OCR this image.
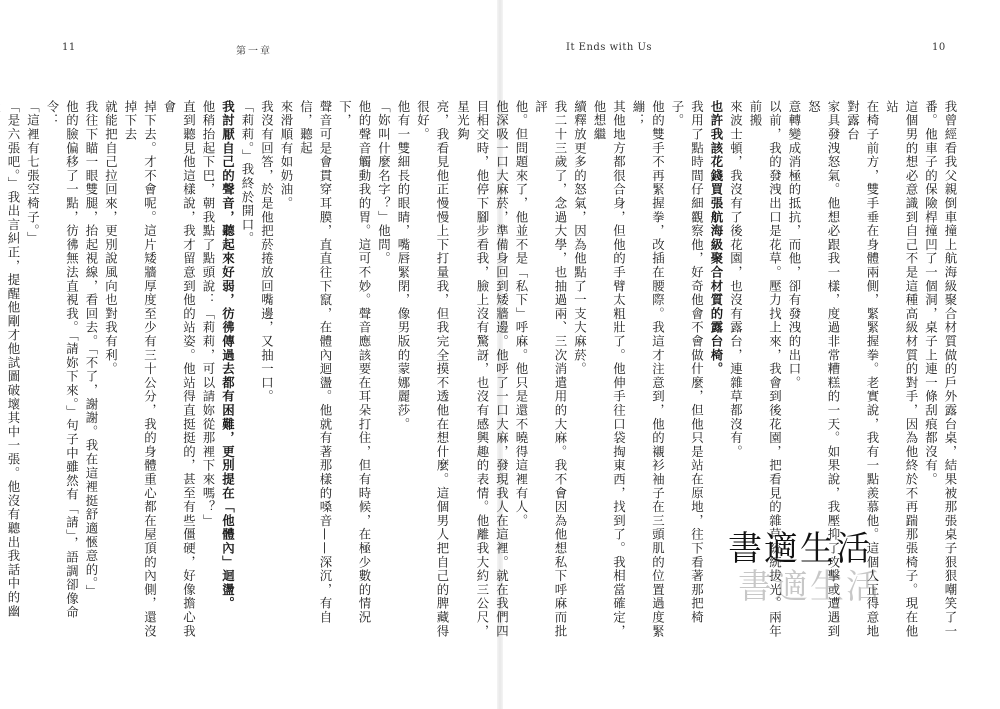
11	第一章

亮，我看見他正慢慢上下打量我，但我完全摸不透他在想什麼。這個男人把自己的脾藏得很好。

他有一雙細長的眼睛，嘴唇緊閉，像男版的蒙娜麗莎。

「妳叫什麼名字？」他問。

他的聲音觸動我的胃。這可不妙。聲音應該要在耳朵打住，但有時候，在極少數的情況下，

聲音可是會貫穿耳膜，直直往下竄，在體內迴盪。他就有著那樣的嗓音——深沉，有自信，聽起

來滑順有如奶油。

我沒有回答，於是他把菸捲放回嘴邊，又抽一口。

「莉莉。」我終於開口。

我討厭自己的聲音，聽起來好弱，彷彿傳過去都有困難，更別提在「他體內」迴盪。

他稍抬起下巴，朝我點了點頭說：「莉莉，可以請妳從那裡下來嗎？」

直到聽見他這樣說，我才留意到他的站姿。他站得直挺挺的，甚至有些僵硬，好像擔心我會

掉下去。才不會呢。這片矮牆厚度至少有三十公分，我的身體重心都在屋頂的內側，還沒掉下去

就能把自己拉回來，更別說風向也對我有利。

我往下瞄一眼雙腿，抬起視線，看回去。「不了，謝謝。我在這裡挺舒適愜意的。」

他的臉偏移了一點，彷彿無法直視我。「請妳下來。」句子中雖然有「請」，語調卻像命令：

「這裡有七張空椅子。」

「是六張吧。」我出言糾正，提醒他剛才他試圖破壞其中一張。他沒有聽出我話中的幽

It Ends with Us	10

我曾經看我父親倒車撞上航海級聚合材質做的戶外露台桌，結果被那張桌子狠狠嘲笑了一

番。他車子的保險桿撞凹了一個洞，桌子上連一條刮痕都沒有。

這個男的想必意識到自己不是這種高級材質的對手，因為他終於不再踹那張椅子。現在他站

在椅子前方，雙手垂在身體兩側，緊緊握拳。老實說，我有一點羨慕他。這個人正得意地對露台

家具發洩怒氣。他想必跟我一樣，度過非常糟糕的一天。如果說，我壓抑了攻擊或遭遇到怒

意轉變成消極的抵抗，而他，卻有發洩的出口。

以前，我的發洩出口是花草。壓力找上來，我會到後花園，把看見的雜草統統拔光。兩年前搬

來波士頓，我沒有了後花園，也沒有露台，連雜草都沒有。

也許我該花錢買張航海級聚合材質的露台椅。

我用了點時間仔細觀察他，好奇他會不會做什麼，但他只是站在原地，往下看著那把椅子。

他的雙手不再緊握拳，改插在腰際。我這才注意到，他的襯衫袖子在三頭肌的位置過度緊繃；

其他地方都很合身，但他的手臂太粗壯了。他伸手往口袋掏東西，找到了。我相當確定，他想繼

續釋放更多的怒氣，因為他點了一支大麻菸。

我二十三歲了，念過大學，也抽過兩、三次消遣用的大麻。我不會因為他想私下呼麻而批評

他。但問題來了，他並不是「私下」呼麻。他只是還不曉得這裡有人。

他深吸一口大麻菸，準備身回到矮牆邊。他呼了一口大麻，發現我人在這裡。就在我們四

目相交時，他停下腳步看我，臉上沒有驚訝，也沒有感興趣的表情。他離我大約三公尺，星光夠

書適生活
書適生活
